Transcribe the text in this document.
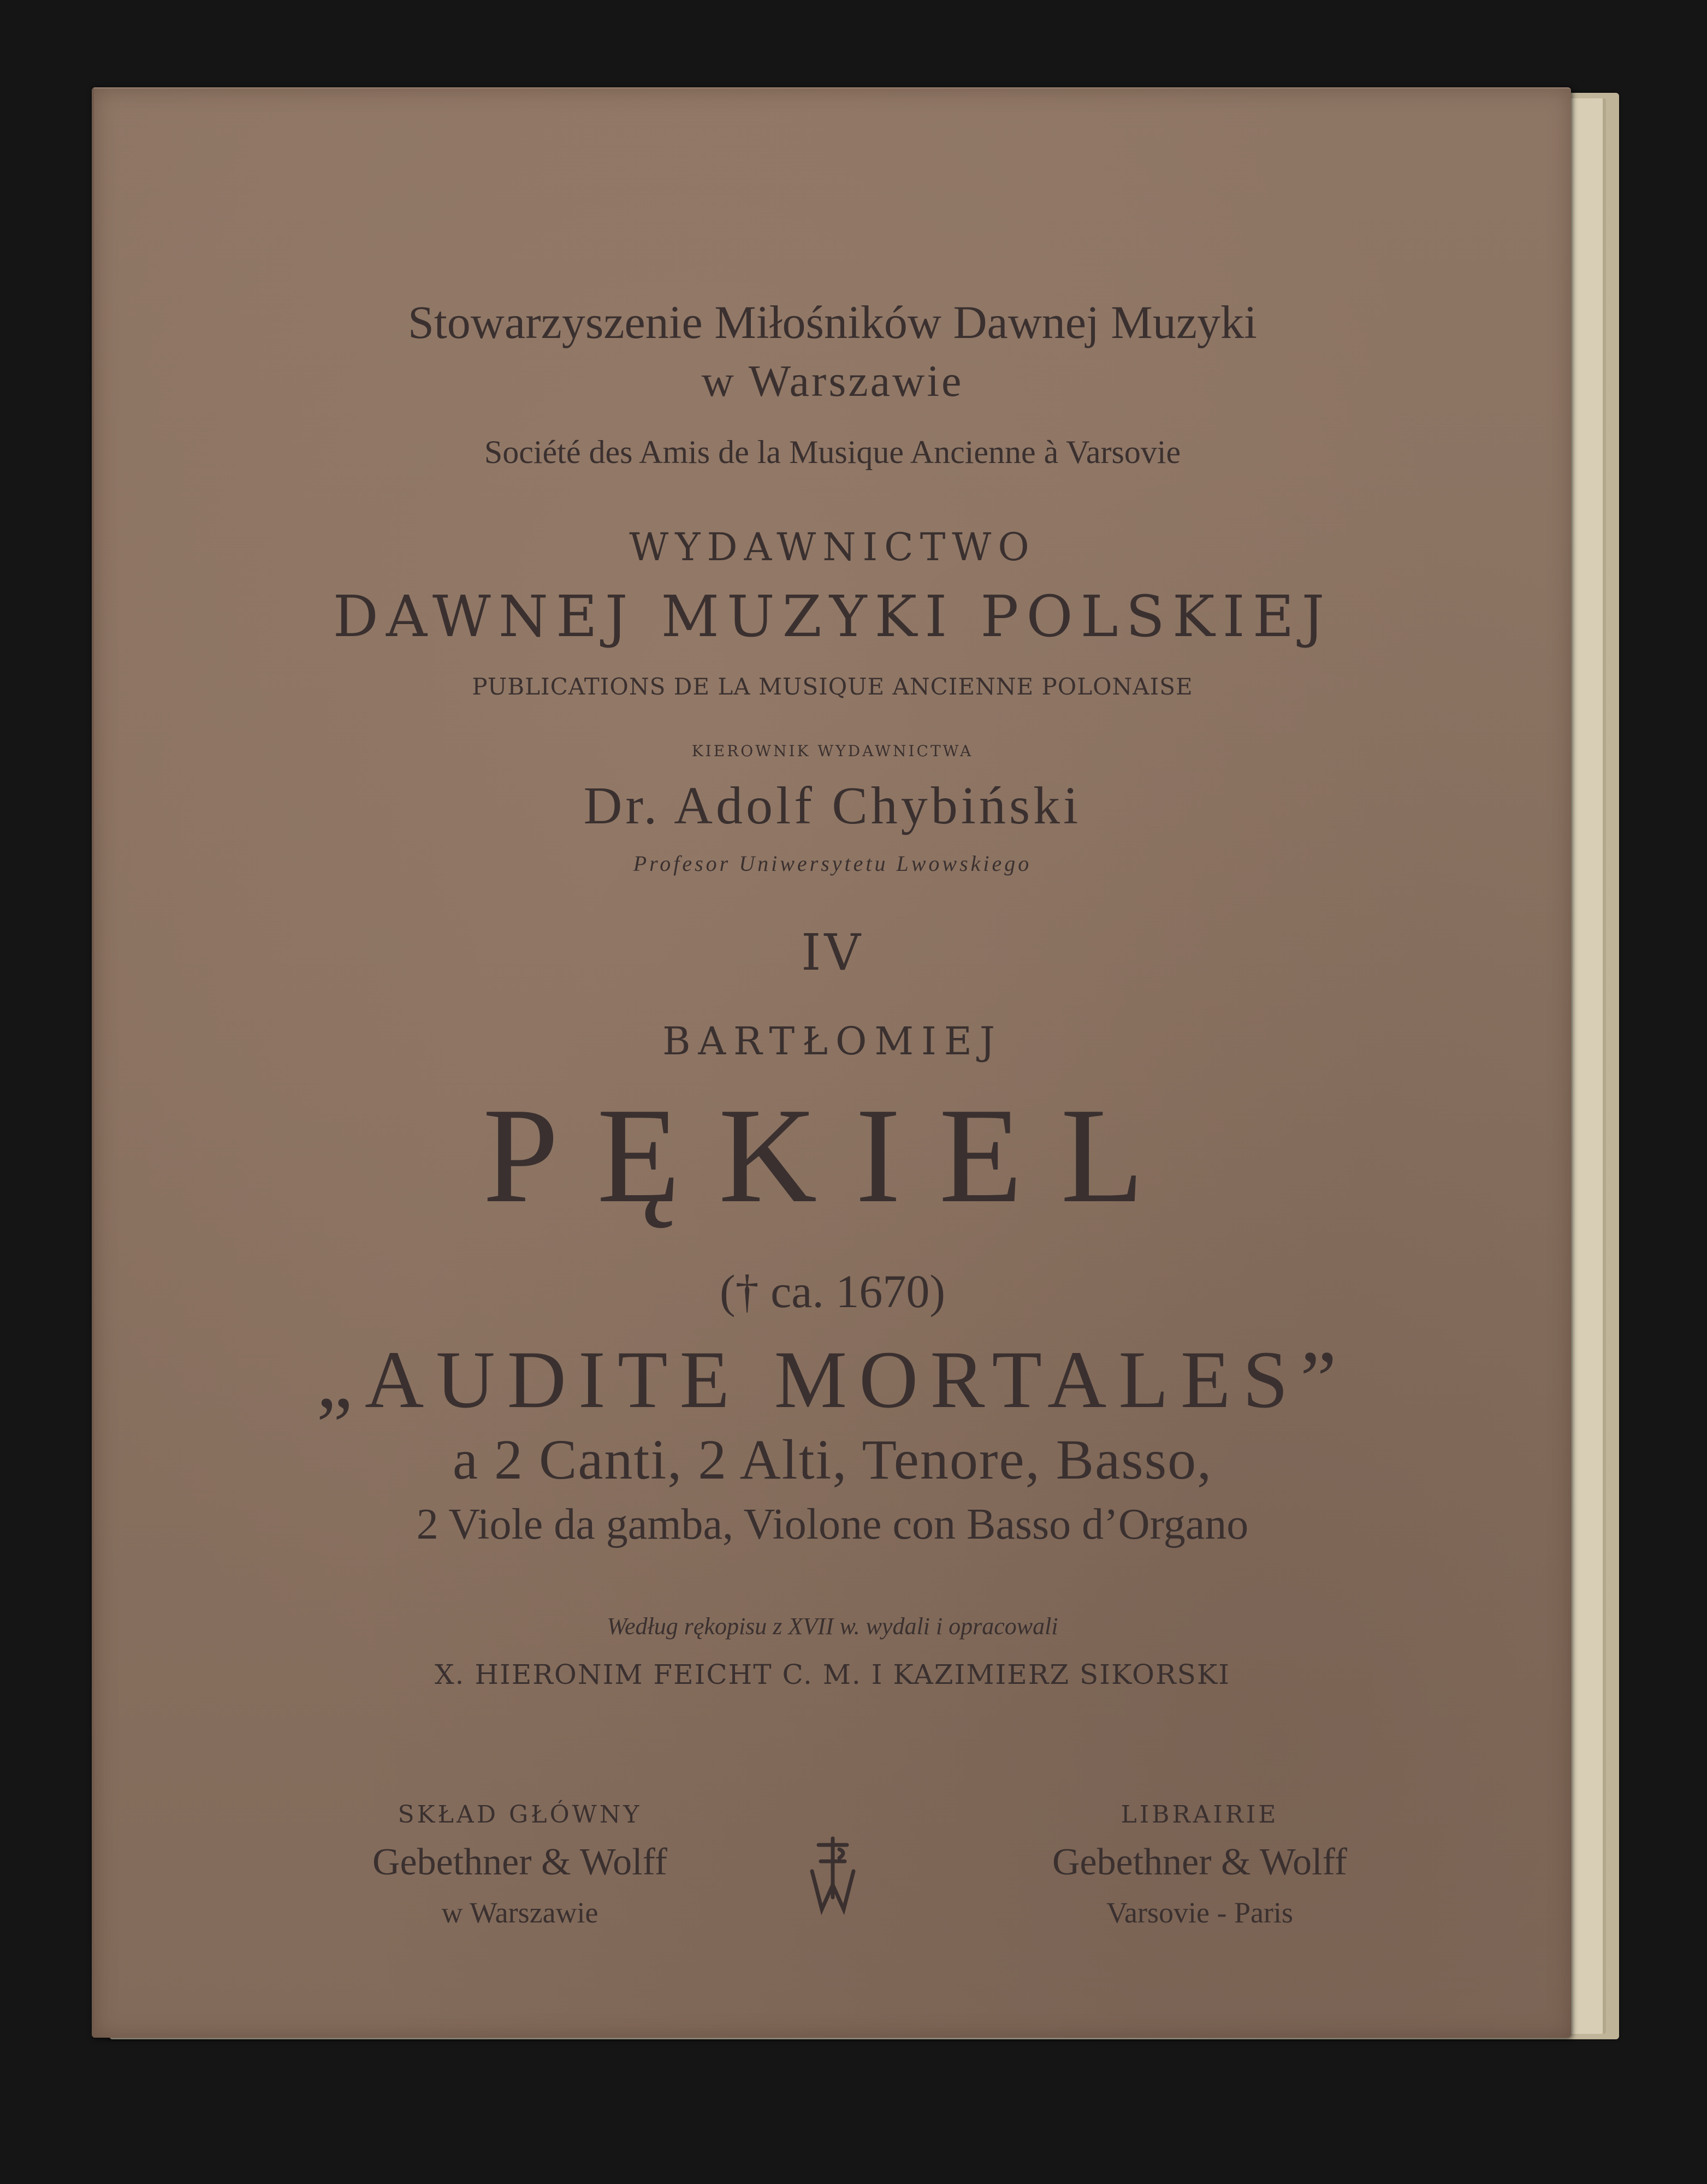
Stowarzyszenie Miłośników Dawnej Muzyki

w Warszawie

Société des Amis de la Musique Ancienne à Varsovie

WYDAWNICTWO

DAWNEJ MUZYKI POLSKIEJ

PUBLICATIONS DE LA MUSIQUE ANCIENNE POLONAISE

KIEROWNIK WYDAWNICTWA

Dr. Adolf Chybiński

Profesor Uniwersytetu Lwowskiego

IV

BARTŁOMIEJ

PĘKIEL

(† ca. 1670)

„AUDITE MORTALES”

a 2 Canti, 2 Alti, Tenore, Basso,

2 Viole da gamba, Violone con Basso d’Organo

Według rękopisu z XVII w. wydali i opracowali

X. HIERONIM FEICHT C. M. I KAZIMIERZ SIKORSKI

SKŁAD GŁÓWNY
Gebethner & Wolff
w Warszawie
LIBRAIRIE
Gebethner & Wolff
Varsovie - Paris
